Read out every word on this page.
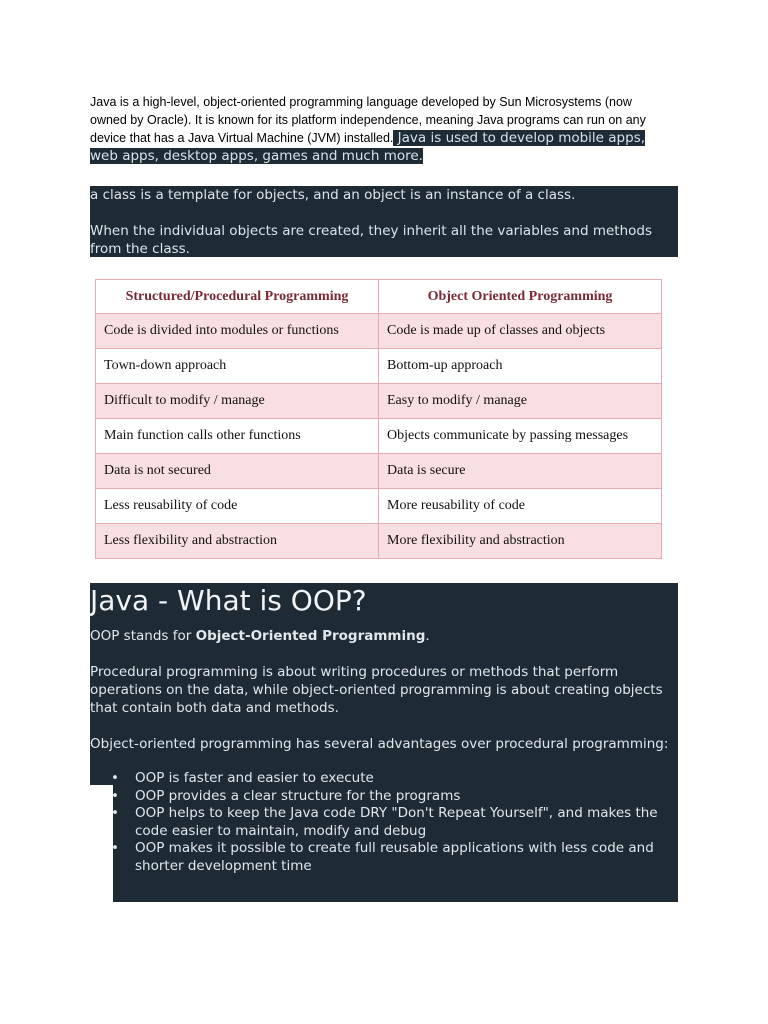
Java is a high-level, object-oriented programming language developed by Sun Microsystems (now owned by Oracle). It is known for its platform independence, meaning Java programs can run on any device that has a Java Virtual Machine (JVM) installed. Java is used to develop mobile apps, web apps, desktop apps, games and much more.

a class is a template for objects, and an object is an instance of a class.

When the individual objects are created, they inherit all the variables and methods from the class.

Structured/Procedural Programming	Object Oriented Programming
Code is divided into modules or functions	Code is made up of classes and objects
Town-down approach	Bottom-up approach
Difficult to modify / manage	Easy to modify / manage
Main function calls other functions	Objects communicate by passing messages
Data is not secured	Data is secure
Less reusability of code	More reusability of code
Less flexibility and abstraction	More flexibility and abstraction
Java - What is OOP?

OOP stands for Object-Oriented Programming.

Procedural programming is about writing procedures or methods that perform operations on the data, while object-oriented programming is about creating objects that contain both data and methods.

Object-oriented programming has several advantages over procedural programming:

• OOP is faster and easier to execute
• OOP provides a clear structure for the programs
• OOP helps to keep the Java code DRY "Don't Repeat Yourself", and makes the code easier to maintain, modify and debug
• OOP makes it possible to create full reusable applications with less code and shorter development time
